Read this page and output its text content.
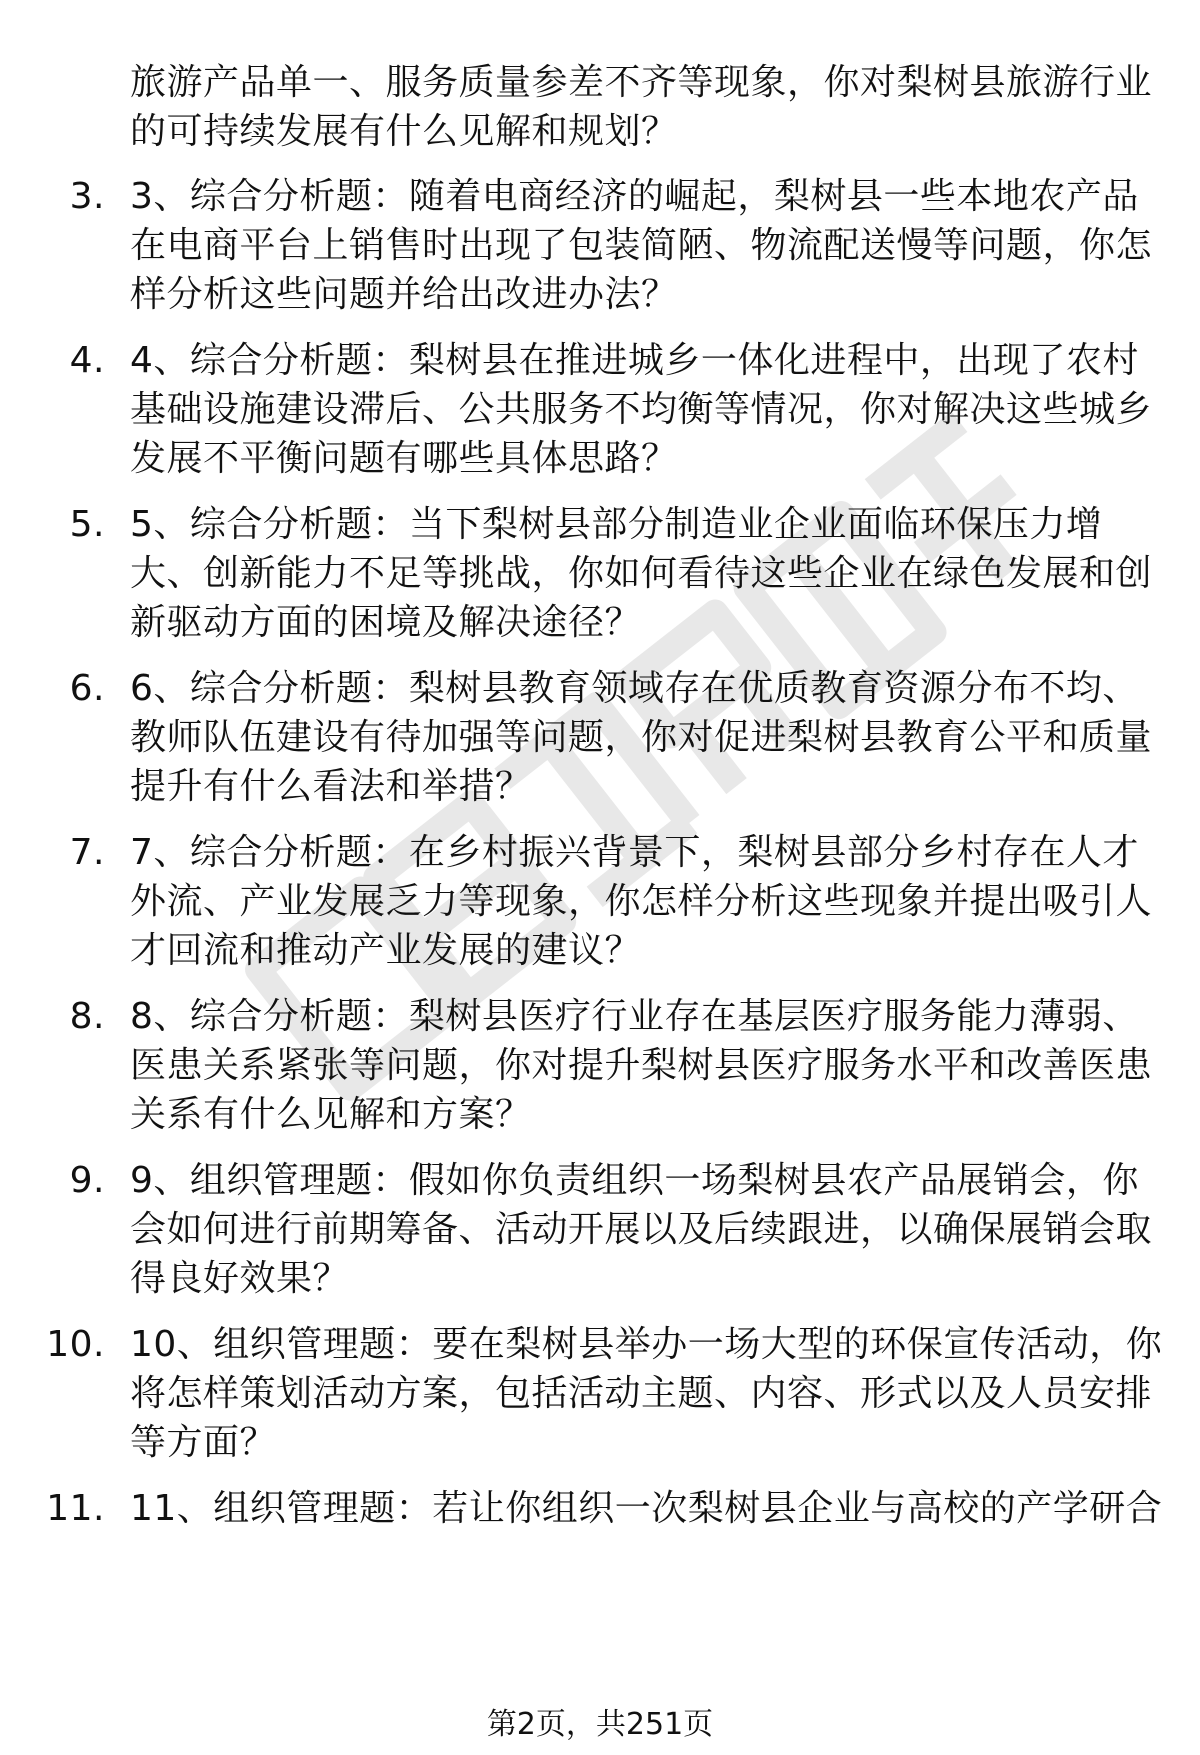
旅游产品单一、服务质量参差不齐等现象，你对梨树县旅游行业的可持续发展有什么见解和规划？
3. 3、综合分析题：随着电商经济的崛起，梨树县一些本地农产品在电商平台上销售时出现了包装简陋、物流配送慢等问题，你怎样分析这些问题并给出改进办法？
4. 4、综合分析题：梨树县在推进城乡一体化进程中，出现了农村基础设施建设滞后、公共服务不均衡等情况，你对解决这些城乡发展不平衡问题有哪些具体思路？
5. 5、综合分析题：当下梨树县部分制造业企业面临环保压力增大、创新能力不足等挑战，你如何看待这些企业在绿色发展和创新驱动方面的困境及解决途径？
6. 6、综合分析题：梨树县教育领域存在优质教育资源分布不均、教师队伍建设有待加强等问题，你对促进梨树县教育公平和质量提升有什么看法和举措？
7. 7、综合分析题：在乡村振兴背景下，梨树县部分乡村存在人才外流、产业发展乏力等现象，你怎样分析这些现象并提出吸引人才回流和推动产业发展的建议？
8. 8、综合分析题：梨树县医疗行业存在基层医疗服务能力薄弱、医患关系紧张等问题，你对提升梨树县医疗服务水平和改善医患关系有什么见解和方案？
9. 9、组织管理题：假如你负责组织一场梨树县农产品展销会，你会如何进行前期筹备、活动开展以及后续跟进，以确保展销会取得良好效果？
10. 10、组织管理题：要在梨树县举办一场大型的环保宣传活动，你将怎样策划活动方案，包括活动主题、内容、形式以及人员安排等方面？
11. 11、组织管理题：若让你组织一次梨树县企业与高校的产学研合
第2页，共251页
